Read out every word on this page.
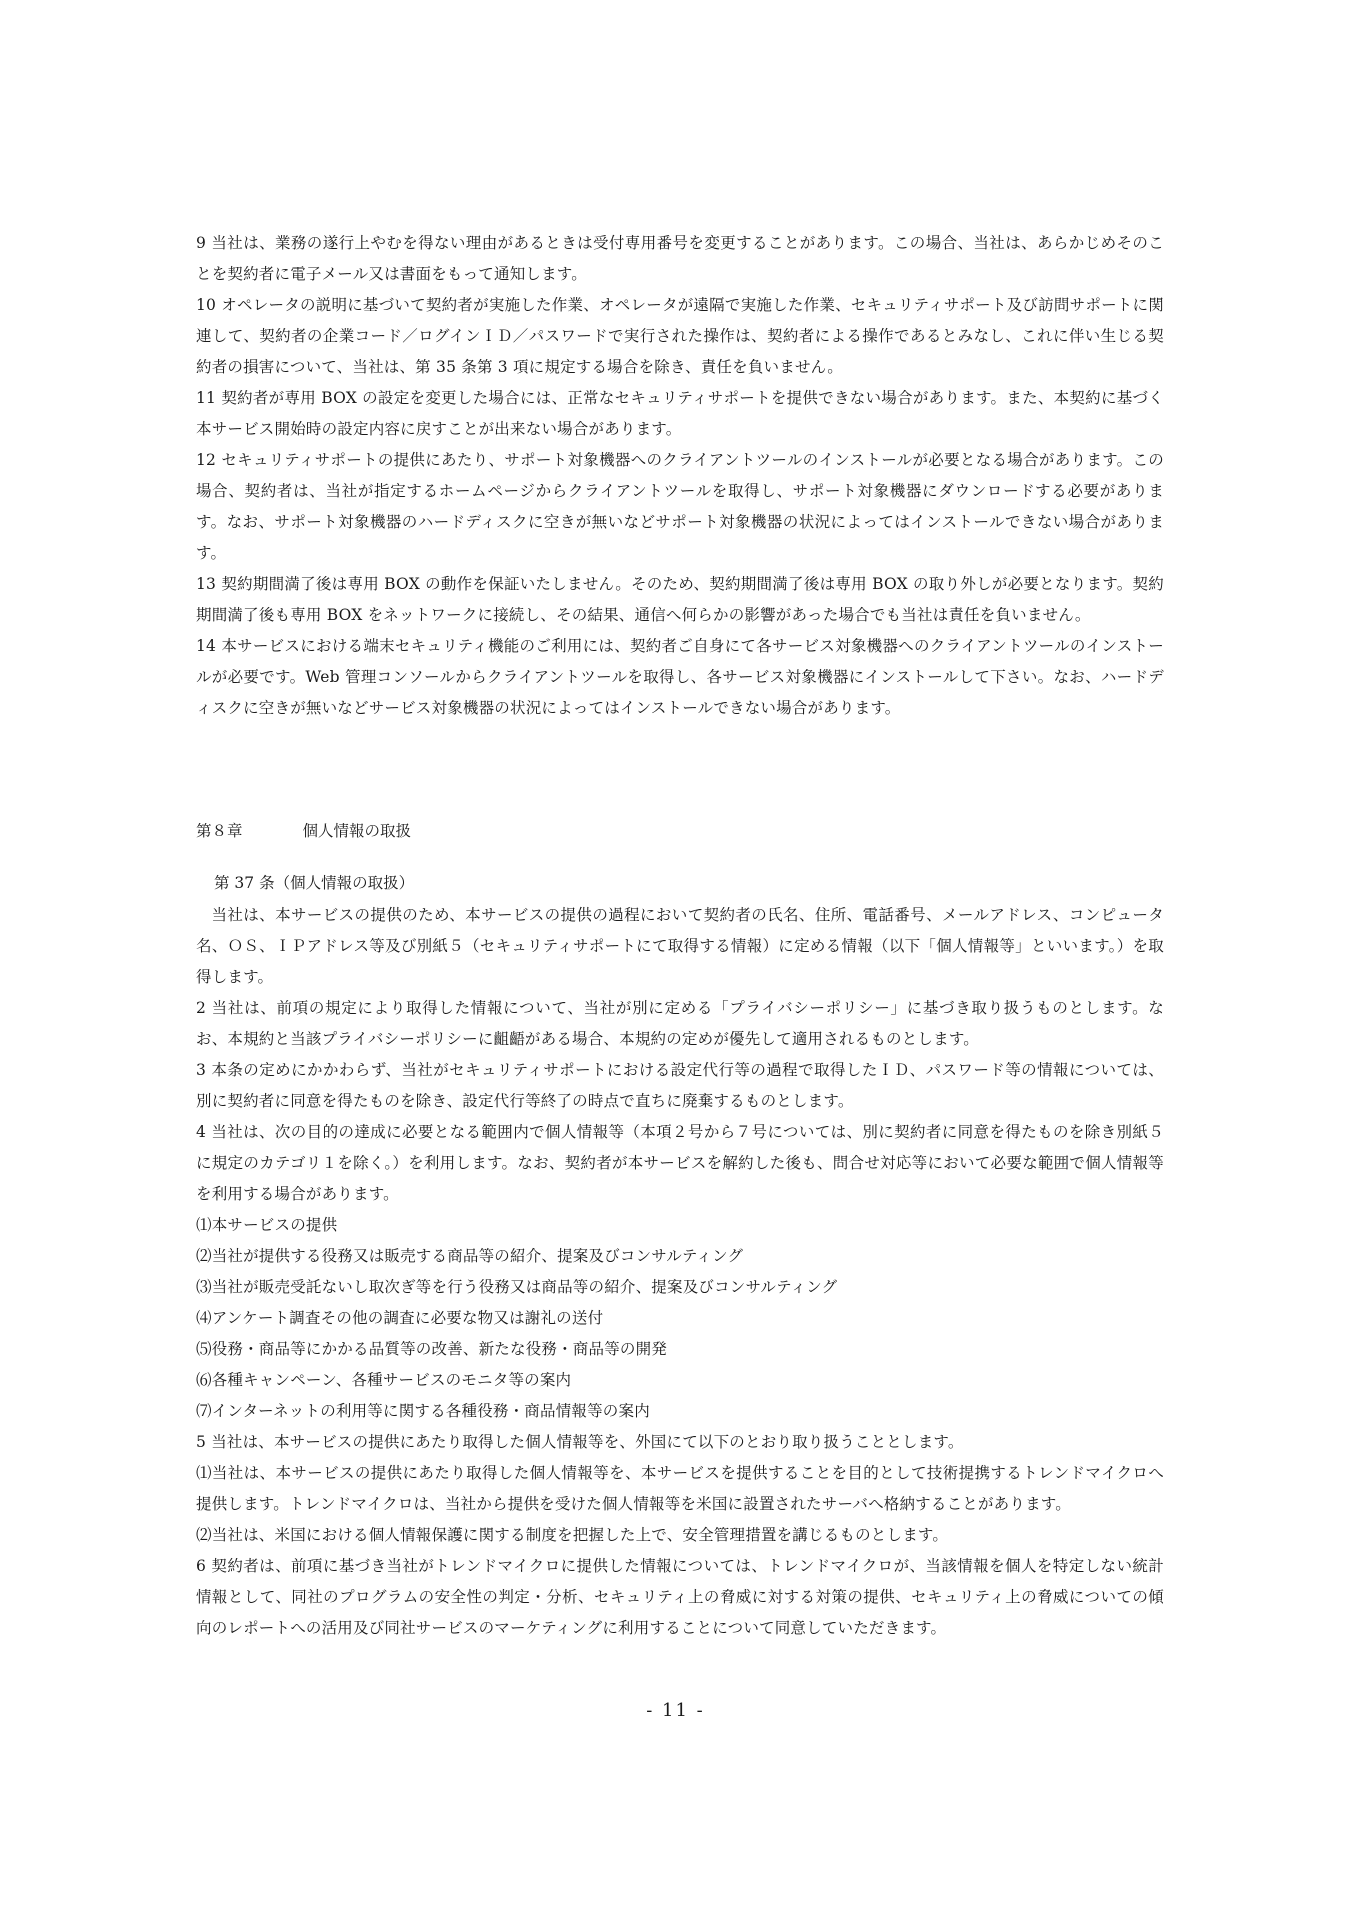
9 当社は、業務の遂行上やむを得ない理由があるときは受付専用番号を変更することがあります。この場合、当社は、あらかじめそのことを契約者に電子メール又は書面をもって通知します。

10 オペレータの説明に基づいて契約者が実施した作業、オペレータが遠隔で実施した作業、セキュリティサポート及び訪問サポートに関連して、契約者の企業コード／ログインＩＤ／パスワードで実行された操作は、契約者による操作であるとみなし、これに伴い生じる契約者の損害について、当社は、第 35 条第 3 項に規定する場合を除き、責任を負いません。

11 契約者が専用 BOX の設定を変更した場合には、正常なセキュリティサポートを提供できない場合があります。また、本契約に基づく本サービス開始時の設定内容に戻すことが出来ない場合があります。

12 セキュリティサポートの提供にあたり、サポート対象機器へのクライアントツールのインストールが必要となる場合があります。この場合、契約者は、当社が指定するホームページからクライアントツールを取得し、サポート対象機器にダウンロードする必要があります。なお、サポート対象機器のハードディスクに空きが無いなどサポート対象機器の状況によってはインストールできない場合があります。

13 契約期間満了後は専用 BOX の動作を保証いたしません。そのため、契約期間満了後は専用 BOX の取り外しが必要となります。契約期間満了後も専用 BOX をネットワークに接続し、その結果、通信へ何らかの影響があった場合でも当社は責任を負いません。

14 本サービスにおける端末セキュリティ機能のご利用には、契約者ご自身にて各サービス対象機器へのクライアントツールのインストールが必要です。Web 管理コンソールからクライアントツールを取得し、各サービス対象機器にインストールして下さい。なお、ハードディスクに空きが無いなどサービス対象機器の状況によってはインストールできない場合があります。

第８章	個人情報の取扱
第 37 条（個人情報の取扱）

当社は、本サービスの提供のため、本サービスの提供の過程において契約者の氏名、住所、電話番号、メールアドレス、コンピュータ名、ＯＳ、ＩＰアドレス等及び別紙５（セキュリティサポートにて取得する情報）に定める情報（以下「個人情報等」といいます。）を取得します。

2 当社は、前項の規定により取得した情報について、当社が別に定める「プライバシーポリシー」に基づき取り扱うものとします。なお、本規約と当該プライバシーポリシーに齟齬がある場合、本規約の定めが優先して適用されるものとします。

3 本条の定めにかかわらず、当社がセキュリティサポートにおける設定代行等の過程で取得したＩＤ、パスワード等の情報については、別に契約者に同意を得たものを除き、設定代行等終了の時点で直ちに廃棄するものとします。

4 当社は、次の目的の達成に必要となる範囲内で個人情報等（本項２号から７号については、別に契約者に同意を得たものを除き別紙５に規定のカテゴリ１を除く。）を利用します。なお、契約者が本サービスを解約した後も、問合せ対応等において必要な範囲で個人情報等を利用する場合があります。

⑴本サービスの提供

⑵当社が提供する役務又は販売する商品等の紹介、提案及びコンサルティング

⑶当社が販売受託ないし取次ぎ等を行う役務又は商品等の紹介、提案及びコンサルティング

⑷アンケート調査その他の調査に必要な物又は謝礼の送付

⑸役務・商品等にかかる品質等の改善、新たな役務・商品等の開発

⑹各種キャンペーン、各種サービスのモニタ等の案内

⑺インターネットの利用等に関する各種役務・商品情報等の案内

5 当社は、本サービスの提供にあたり取得した個人情報等を、外国にて以下のとおり取り扱うこととします。

⑴当社は、本サービスの提供にあたり取得した個人情報等を、本サービスを提供することを目的として技術提携するトレンドマイクロへ提供します。トレンドマイクロは、当社から提供を受けた個人情報等を米国に設置されたサーバへ格納することがあります。

⑵当社は、米国における個人情報保護に関する制度を把握した上で、安全管理措置を講じるものとします。

6 契約者は、前項に基づき当社がトレンドマイクロに提供した情報については、トレンドマイクロが、当該情報を個人を特定しない統計情報として、同社のプログラムの安全性の判定・分析、セキュリティ上の脅威に対する対策の提供、セキュリティ上の脅威についての傾向のレポートへの活用及び同社サービスのマーケティングに利用することについて同意していただきます。

- 11 -
